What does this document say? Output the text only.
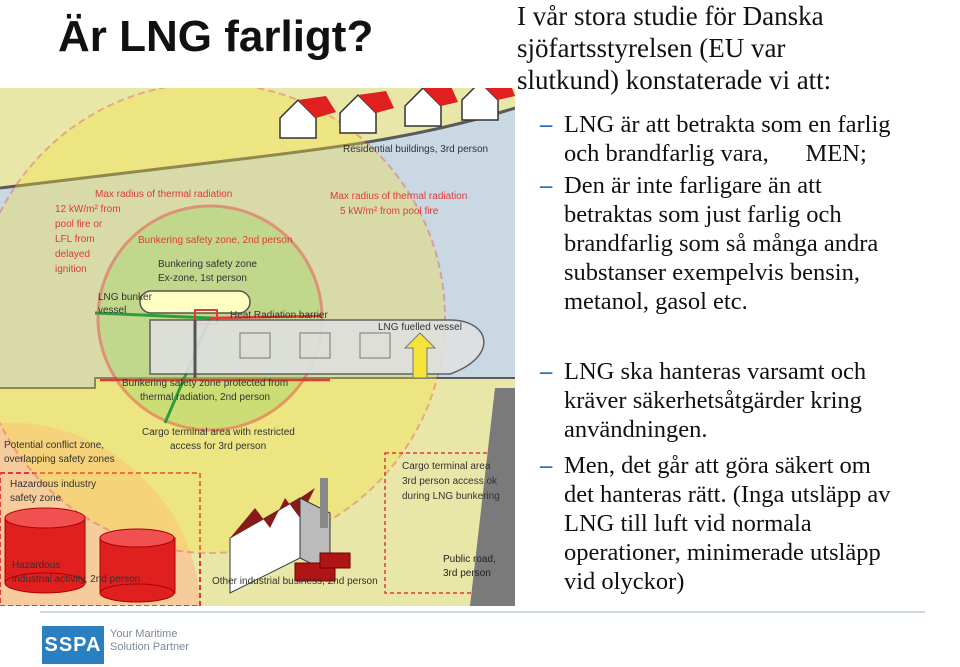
Är LNG farligt?	I vår stora studie för Danska
sjöfartsstyrelsen (EU var
slutkund) konstaterade vi att:
– LNG är att betrakta som en farlig
och brandfarlig vara,      MEN;
– Den är inte farligare än att
betraktas som just farlig och
brandfarlig som så många andra
substanser exempelvis bensin,
metanol, gasol etc.
– LNG ska hanteras varsamt och
kräver säkerhetsåtgärder kring
användningen.
– Men, det går att göra säkert om
det hanteras rätt. (Inga utsläpp av
LNG till luft vid normala
operationer, minimerade utsläpp
vid olyckor)
Residential buildings, 3rd person
Max radius of thermal radiation 12 kW/m² from pool fire or LFL from delayed ignition
Max radius of thermal radiation 5 kW/m² from pool fire
Bunkering safety zone, 2nd person
Bunkering safety zone Ex-zone, 1st person
LNG bunker vessel	Heat Radiation barrier
LNG fuelled vessel
Bunkering safety zone protected from thermal radiation, 2nd person
Cargo terminal area with restricted access for 3rd person
Potential conflict zone, overlapping safety zones
Hazardous industry safety zone
Cargo terminal area 3rd person access ok during LNG bunkering
Hazardous industrial activity, 2nd person	Other industrial business, 2nd person
Public road, 3rd person
SSPA Your Maritime
Solution Partner
